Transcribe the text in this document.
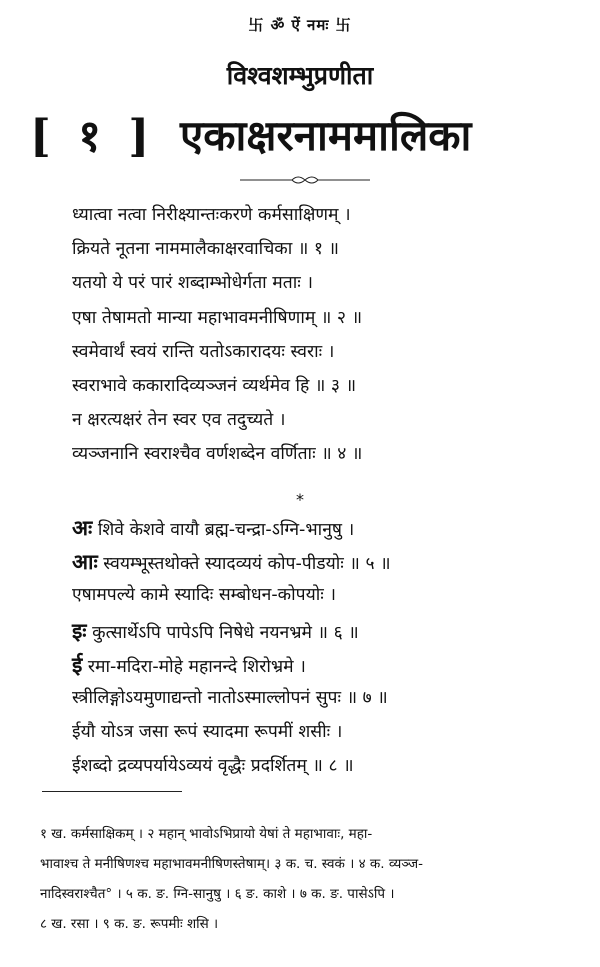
卐 ॐ ऐं नमः 卐
विश्वशम्भुप्रणीता
[ १ ] एकाक्षरनाममालिका
ध्यात्वा नत्वा निरीक्ष्यान्तःकरणे कर्मसाक्षिणम् ।
क्रियते नूतना नाममालैकाक्षरवाचिका ॥ १ ॥
यतयो ये परं पारं शब्दाम्भोधेर्गता मताः ।
एषा तेषामतो मान्या महाभावमनीषिणाम् ॥ २ ॥
स्वमेवार्थं स्वयं रान्ति यतोऽकारादयः स्वराः ।
स्वराभावे ककारादिव्यञ्जनं व्यर्थमेव हि ॥ ३ ॥
न क्षरत्यक्षरं तेन स्वर एव तदुच्यते ।
व्यञ्जनानि स्वराश्चैव वर्णशब्देन वर्णिताः ॥ ४ ॥
*
अः शिवे केशवे वायौ ब्रह्म-चन्द्रा-ऽग्नि-भानुषु ।
आः स्वयम्भूस्तथोक्ते स्यादव्ययं कोप-पीडयोः ॥ ५ ॥
एषामपल्ये कामे स्यादिः सम्बोधन-कोपयोः ।
इः कुत्सार्थेऽपि पापेऽपि निषेधे नयनभ्रमे ॥ ६ ॥
ई रमा-मदिरा-मोहे महानन्दे शिरोभ्रमे ।
स्त्रीलिङ्गोऽयमुणाद्यन्तो नातोऽस्माल्लोपनं सुपः ॥ ७ ॥
ईयौ योऽत्र जसा रूपं स्यादमा रूपमीं शसीः ।
ईशब्दो द्रव्यपर्यायेऽव्ययं वृद्धैः प्रदर्शितम् ॥ ८ ॥
१ ख. कर्मसाक्षिकम् । २ महान् भावोऽभिप्रायो येषां ते महाभावाः, महा-
भावाश्च ते मनीषिणश्च महाभावमनीषिणस्तेषाम्। ३ क. च. स्वकं । ४ क. व्यञ्ज-
नादिस्वराश्चैत° । ५ क. ङ. ग्नि-सानुषु । ६ ङ. काशे । ७ क. ङ. पासेऽपि ।
८ ख. रसा । ९ क. ङ. रूपमीः शसि ।
